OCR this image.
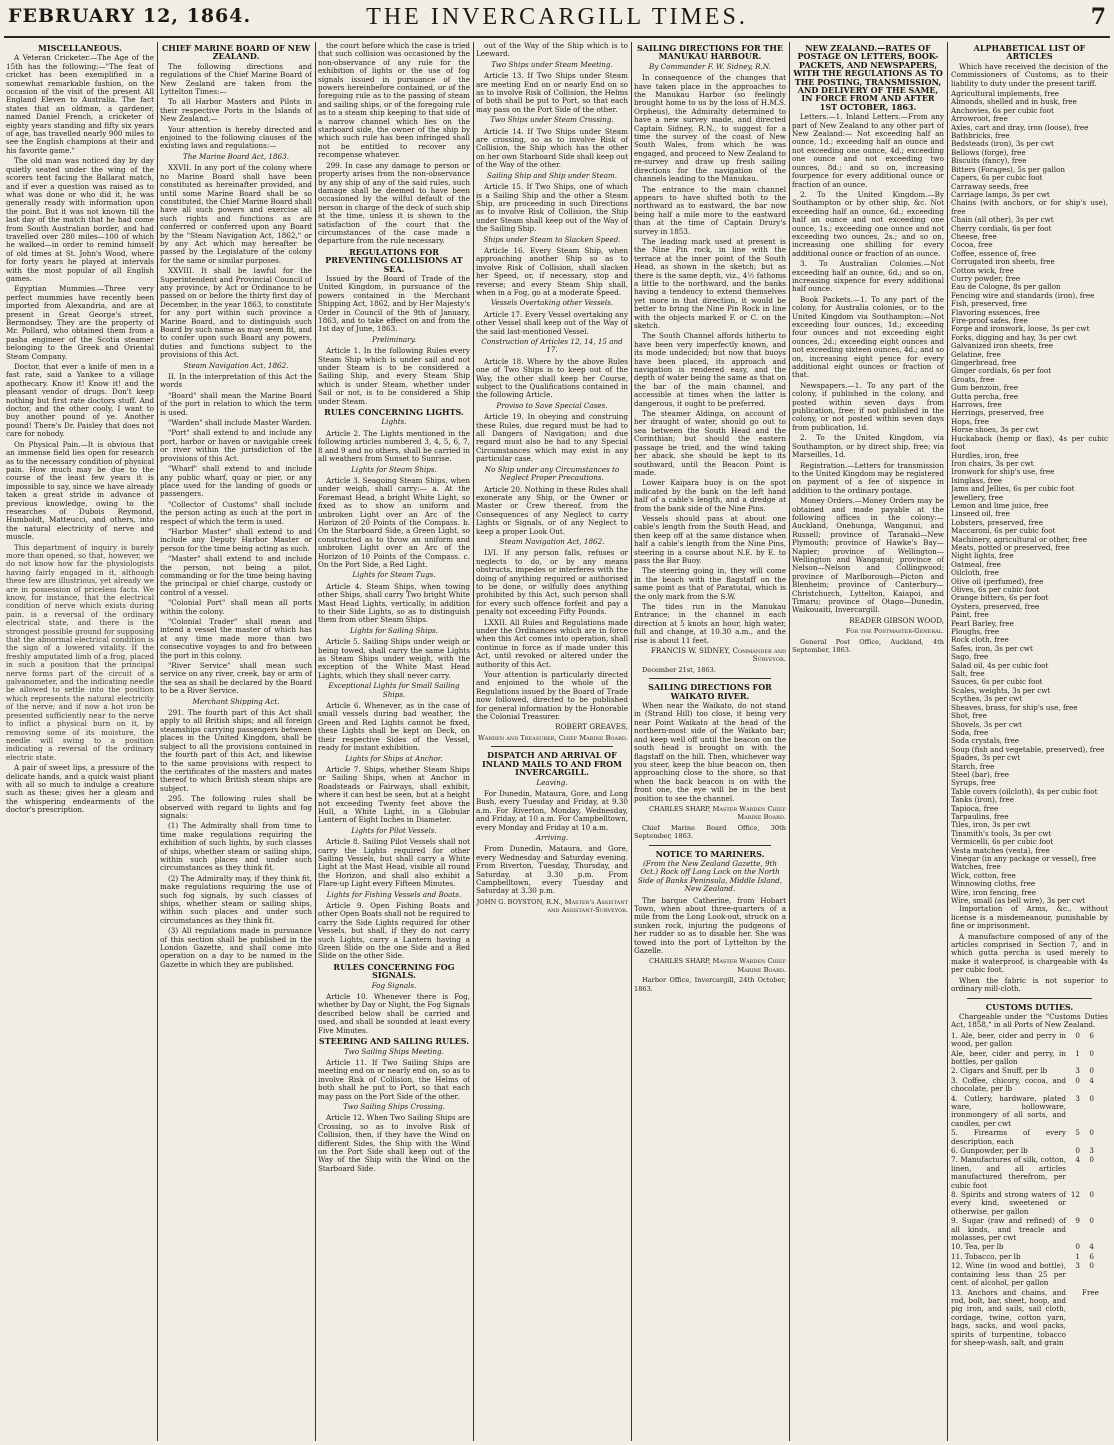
FEBRUARY 12, 1864.	THE INVERCARGILL TIMES.	7
MISCELLANEOUS.
A Veteran Cricketer.—The Age of the 15th has the following:—"The feat of cricket has been exemplified in a somewhat remarkable fashion, on the occasion of the visit of the present All England Eleven to Australia. The fact states that an oldman, a gardener, named Daniel French, a cricketer of eighty years standing and fifty six years of age, has travelled nearly 900 miles to see the English champions at their and his favorite game."
The old man was noticed day by day quietly seated under the wing of the scorers tent facing the Ballarat match, and if ever a question was raised as to what was done or who did it, he was generally ready with information upon the point. But it was not known till the last day of the match that he had come from South Australian border, and had travelled over 280 miles—100 of which he walked—in order to remind himself of old times at St. John's Wood, where for forty years he played at intervals with the most popular of all English games.
Egyptian Mummies.—Three very perfect mummies have recently been imported from Alexandria, and are at present in Great George's street, Bermondsey. They are the property of Mr. Pollard, who obtained them from a pasha engineer of the Scotia steamer belonging to the Greek and Oriental Steam Company.
Doctor, that ever a knife of men in a fast rate, said a Yankee to a village apothecary. Know it! Know it! and the pleasant vendor of drugs. Don't keep nothing but first rate doctors stuff. And doctor, and the other cooly, I want to buy another pound of ye. Another pound! There's Dr. Paisley that does not care for nobody.
On Physical Pain.—It is obvious that an immense field lies open for research as to the necessary condition of physical pain. How much may be due to the course of the least few years it is impossible to say, since we have already taken a great stride in advance of previous knowledge, owing to the researches of Dubois Reymond, Humboldt, Matteucci, and others, into the natural electricity of nerve and muscle.
This department of inquiry is barely more than opened, so that, however, we do not know how far the physiologists having fairly engaged in it, although these few are illustrious, yet already we are in possession of priceless facts. We know, for instance, that the electrical condition of nerve which exists during pain, is a reversal of the ordinary electrical state, and there is the strongest possible ground for supposing that the abnormal electrical condition is the sign of a lowered vitality. If the freshly amputated limb of a frog, placed in such a position that the principal nerve forms part of the circuit of a galvanometer, and the indicating needle be allowed to settle into the position which represents the natural electricity of the nerve; and if now a hot iron be presented sufficiently near to the nerve to inflict a physical burn on it, by removing some of its moisture, the needle will swing to a position indicating a reversal of the ordinary electric state.
A pair of sweet lips, a pressure of the delicate hands, and a quick waist pliant with all so much to indulge a creature such as these; gives her a gleam and the whispering endearments of the doctor's prescription.
CHIEF MARINE BOARD OF NEW ZEALAND.
The following directions and regulations of the Chief Marine Board of New Zealand are taken from the Lyttelton Times:—
To all Harbor Masters and Pilots in their respective Ports in the Islands of New Zealand,—
Your attention is hereby directed and enjoined to the following clauses of the existing laws and regulations:—
The Marine Board Act, 1863.
XXVII. In any port of the colony where no Marine Board shall have been constituted as hereinafter provided, and until some Marine Board shall be so constituted, the Chief Marine Board shall have all such powers and exercise all such rights and functions as are conferred or conferred upon any Board by the "Steam Navigation Act, 1862," or by any Act which may hereafter be passed by the Legislature of the colony for the same or similar purposes.
XXVIII. It shall be lawful for the Superintendent and Provincial Council of any province, by Act or Ordinance to be passed on or before the thirty first day of December, in the year 1863, to constitute for any port within such province a Marine Board, and to distinguish such Board by such name as may seem fit, and to confer upon such Board any powers, duties and functions subject to the provisions of this Act.
Steam Navigation Act, 1862.
II. In the interpretation of this Act the words
"Board" shall mean the Marine Board of the port in relation to which the term is used.
"Warden" shall include Master Warden.
"Port" shall extend to and include any port, harbor or haven or navigable creek or river within the jurisdiction of the provisions of this Act.
"Wharf" shall extend to and include any public wharf, quay or pier, or any place used for the landing of goods or passengers.
"Collector of Customs" shall include the person acting as such at the port in respect of which the term is used.
"Harbor Master" shall extend to and include any Deputy Harbor Master or person for the time being acting as such.
"Master" shall extend to and include the person, not being a pilot, commanding or for the time being having the principal or chief charge, custody or control of a vessel.
"Colonial Port" shall mean all ports within the colony.
"Colonial Trader" shall mean and intend a vessel the master of which has at any time made more than two consecutive voyages to and fro between the port in this colony.
"River Service" shall mean such service on any river, creek, bay or arm of the sea as shall be declared by the Board to be a River Service.
Merchant Shipping Act.
291. The fourth part of this Act shall apply to all British ships; and all foreign steamships carrying passengers between places in the United Kingdom, shall be subject to all the provisions contained in the fourth part of this Act, and likewise to the same provisions with respect to the certificates of the masters and mates thereof to which British steam ships are subject.
295. The following rules shall be observed with regard to lights and fog signals:
(1) The Admiralty shall from time to time make regulations requiring the exhibition of such lights, by such classes of ships, whether steam or sailing ships, within such places and under such circumstances as they think fit.
(2) The Admiralty may, if they think fit, make regulations requiring the use of such fog signals, by such classes of ships, whether steam or sailing ships, within such places and under such circumstances as they think fit.
(3) All regulations made in pursuance of this section shall be published in the London Gazette, and shall come into operation on a day to be named in the Gazette in which they are published.
the court before which the case is tried that such collision was occasioned by the non-observance of any rule for the exhibition of lights or the use of fog signals issued in pursuance of the powers hereinbefore contained, or of the foregoing rule as to the passing of steam and sailing ships, or of the foregoing rule as to a steam ship keeping to that side of a narrow channel which lies on the starboard side, the owner of the ship by which such rule has been infringed shall not be entitled to recover any recompense whatever.
299. In case any damage to person or property arises from the non-observance by any ship of any of the said rules, such damage shall be deemed to have been occasioned by the wilful default of the person in charge of the deck of such ship at the time, unless it is shown to the satisfaction of the court that the circumstances of the case made a departure from the rule necessary.
REGULATIONS FOR PREVENTING COLLISIONS AT SEA.
Issued by the Board of Trade of the United Kingdom, in pursuance of the powers contained in the Merchant Shipping Act, 1862, and by Her Majesty's Order in Council of the 9th of January, 1863, and to take effect on and from the 1st day of June, 1863.
Preliminary.
Article 1. In the following Rules every Steam Ship which is under sail and not under Steam is to be considered a Sailing Ship, and every Steam Ship which is under Steam, whether under Sail or not, is to be considered a Ship under Steam.
RULES CONCERNING LIGHTS.
Lights.
Article 2. The Lights mentioned in the following articles numbered 3, 4, 5, 6, 7, 8 and 9 and no others, shall be carried in all weathers from Sunset to Sunrise.
Lights for Steam Ships.
Article 3. Seagoing Steam Ships, when under weigh, shall carry:— a. At the Foremast Head, a bright White Light, so fixed as to show an uniform and unbroken Light over an Arc of the Horizon of 20 Points of the Compass. b. On the Starboard Side, a Green Light, so constructed as to throw an uniform and unbroken Light over an Arc of the Horizon of 10 Points of the Compass. c. On the Port Side, a Red Light.
Lights for Steam Tugs.
Article 4. Steam Ships, when towing other Ships, shall carry Two bright White Mast Head Lights, vertically, in addition to their Side Lights, so as to distinguish them from other Steam Ships.
Lights for Sailing Ships.
Article 5. Sailing Ships under weigh or being towed, shall carry the same Lights as Steam Ships under weigh, with the exception of the White Mast Head Lights, which they shall never carry.
Exceptional Lights for Small Sailing Ships.
Article 6. Whenever, as in the case of small vessels during bad weather, the Green and Red Lights cannot be fixed, these Lights shall be kept on Deck, on their respective Sides of the Vessel, ready for instant exhibition.
Lights for Ships at Anchor.
Article 7. Ships, whether Steam Ships or Sailing Ships, when at Anchor in Roadsteads or Fairways, shall exhibit, where it can best be seen, but at a height not exceeding Twenty feet above the Hull, a White Light, in a Globular Lantern of Eight Inches in Diameter.
Lights for Pilot Vessels.
Article 8. Sailing Pilot Vessels shall not carry the Lights required for other Sailing Vessels, but shall carry a White Light at the Mast Head, visible all round the Horizon, and shall also exhibit a Flare-up Light every Fifteen Minutes.
Lights for Fishing Vessels and Boats.
Article 9. Open Fishing Boats and other Open Boats shall not be required to carry the Side Lights required for other Vessels, but shall, if they do not carry such Lights, carry a Lantern having a Green Slide on the one Side and a Red Slide on the other Side.
RULES CONCERNING FOG SIGNALS.
Fog Signals.
Article 10. Whenever there is Fog, whether by Day or Night, the Fog Signals described below shall be carried and used, and shall be sounded at least every Five Minutes.
STEERING AND SAILING RULES.
Two Sailing Ships Meeting.
Article 11. If Two Sailing Ships are meeting end on or nearly end on, so as to involve Risk of Collision, the Helms of both shall be put to Port, so that each may pass on the Port Side of the other.
Two Sailing Ships Crossing.
Article 12. When Two Sailing Ships are Crossing, so as to involve Risk of Collision, then, if they have the Wind on different Sides, the Ship with the Wind on the Port Side shall keep out of the Way of the Ship with the Wind on the Starboard Side.
out of the Way of the Ship which is to Leeward.
Two Ships under Steam Meeting.
Article 13. If Two Ships under Steam are meeting End on or nearly End on so as to involve Risk of Collision, the Helms of both shall be put to Port, so that each may pass on the Port Side of the other.
Two Ships under Steam Crossing.
Article 14. If Two Ships under Steam are crossing, so as to involve Risk of Collision, the Ship which has the other on her own Starboard Side shall keep out of the Way of the other.
Sailing Ship and Ship under Steam.
Article 15. If Two Ships, one of which is a Sailing Ship and the other a Steam Ship, are proceeding in such Directions as to involve Risk of Collision, the Ship under Steam shall keep out of the Way of the Sailing Ship.
Ships under Steam to Slacken Speed.
Article 16. Every Steam Ship, when approaching another Ship so as to involve Risk of Collision, shall slacken her Speed, or, if necessary, stop and reverse; and every Steam Ship shall, when in a Fog, go at a moderate Speed.
Vessels Overtaking other Vessels.
Article 17. Every Vessel overtaking any other Vessel shall keep out of the Way of the said last-mentioned Vessel.
Construction of Articles 12, 14, 15 and 17.
Article 18. Where by the above Rules one of Two Ships is to keep out of the Way, the other shall keep her Course, subject to the Qualifications contained in the following Article.
Proviso to Save Special Cases.
Article 19. In obeying and construing these Rules, due regard must be had to all Dangers of Navigation; and due regard must also be had to any Special Circumstances which may exist in any particular case.
No Ship under any Circumstances to Neglect Proper Precautions.
Article 20. Nothing in these Rules shall exonerate any Ship, or the Owner or Master or Crew thereof, from the Consequences of any Neglect to carry Lights or Signals, or of any Neglect to keep a proper Look Out.
Steam Navigation Act, 1862.
LVI. If any person falls, refuses or neglects to do, or by any means obstructs, impedes or interferes with the doing of anything required or authorised to be done, or wilfully does anything prohibited by this Act, such person shall for every such offence forfeit and pay a penalty not exceeding Fifty Pounds.
LXXII. All Rules and Regulations made under the Ordinances which are in force when this Act comes into operation, shall continue in force as if made under this Act, until revoked or altered under the authority of this Act.
Your attention is particularly directed and enjoined to the whole of the Regulations issued by the Board of Trade now followed, directed to be published for general information by the Honorable the Colonial Treasurer.
ROBERT GREAVES,
Warden and Treasurer, Chief Marine Board.
DISPATCH AND ARRIVAL OF INLAND MAILS TO AND FROM INVERCARGILL.
Leaving.
For Dunedin, Mataura, Gore, and Long Bush, every Tuesday and Friday, at 9.30 a.m. For Riverton, Monday, Wednesday, and Friday, at 10 a.m. For Campbelltown, every Monday and Friday at 10 a.m.
Arriving.
From Dunedin, Mataura, and Gore, every Wednesday and Saturday evening. From Riverton, Tuesday, Thursday, and Saturday, at 3.30 p.m. From Campbelltown, every Tuesday and Saturday at 3.30 p.m.
JOHN G. BOYSTON, R.N., Master's Assistant and Assistant-Surveyor.
SAILING DIRECTIONS FOR THE MANUKAU HARBOUR.
By Commander F. W. Sidney, R.N.
In consequence of the changes that have taken place in the approaches to the Manukau Harbor (so feelingly brought home to us by the loss of H.M.S. Orpheus), the Admiralty determined to have a new survey made, and directed Captain Sidney, R.N., to suggest for a time the survey of the coast of New South Wales, from which he was engaged, and proceed to New Zealand to re-survey and draw up fresh sailing directions for the navigation of the channels leading to the Manukau.
The entrance to the main channel appears to have shifted both to the northward as to eastward, the bar now being half a mile more to the eastward than at the time of Captain Drury's survey in 1853.
The leading mark used at present is the Nine Pin rock, in line with the terrace at the inner point of the South Head, as shown in the sketch; but as there is the same depth, viz., 4½ fathoms a little to the northward, and the banks having a tendency to extend themselves yet more in that direction, it would be better to bring the Nine Pin Rock in line with the objects marked F. or C. on the sketch.
The South Channel affords hitherto to have been very imperfectly known, and its mode undecided; but now that buoys have been placed, its approach and navigation is rendered easy, and the depth of water being the same as that on the bar of the main channel, and accessible at times when the latter is dangerous, it ought to be preferred.
The steamer Aldinga, on account of her draught of water, should go out to sea between the South Head and the Corinthian; but should the eastern passage be tried, and the wind taking her aback, she should be kept to its southward, until the Beacon Point is made.
Lower Kaipara buoy is on the spot indicated by the bank on the left hand half of a cable's length, and a dredge at from the bank side of the Nine Pins.
Vessels should pass at about one cable's length from the South Head, and then keep off at the same distance when half a cable's length from the Nine Pins, steering in a course about N.E. by E. to pass the Bar Buoy.
The steering going in, they will come in the beach with the flagstaff on the same point as that of Paratutai, which is the only mark from the S.W.
The tides run in the Manukau Entrance; in the channel in each direction at 5 knots an hour, high water, full and change, at 10.30 a.m., and the rise is about 11 feet.
FRANCIS W. SIDNEY, Commander and Surveyor.
December 21st, 1863.
SAILING DIRECTIONS FOR WAIKATO RIVER.
When near the Waikato, do not stand in (Strand Hill) too close, it being very near Point Waikato at the head of the northern-most side of the Waikato bar; and keep well off until the beacon on the south head is brought on with the flagstaff on the hill. Then, whichever way you steer, keep the blue beacon on, then approaching close to the shore, so that when the back beacon is on with the front one, the eye will be in the best position to see the channel.
CHARLES SHARP, Master Warden Chief Marine Board.
Chief Marine Board Office, 30th September, 1863.
NOTICE TO MARINERS.
(From the New Zealand Gazette, 9th Oct.) Rock off Long Lock on the North Side of Banks Peninsula, Middle Island, New Zealand.
The barque Catherine, from Hobart Town, when about three-quarters of a mile from the Long Look-out, struck on a sunken rock, injuring the pudgeons of her rudder so as to disable her. She was towed into the port of Lyttelton by the Gazelle.
CHARLES SHARP, Master Warden Chief Marine Board.
Harbor Office, Invercargill, 24th October, 1863.
NEW ZEALAND.—RATES OF POSTAGE ON LETTERS, BOOK-PACKETS, AND NEWSPAPERS, WITH THE REGULATIONS AS TO THE POSTING, TRANSMISSION, AND DELIVERY OF THE SAME, IN FORCE FROM AND AFTER 1ST OCTOBER, 1863.
Letters.—1. Inland Letters.—From any part of New Zealand to any other part of New Zealand:— Not exceeding half an ounce, 1d.; exceeding half an ounce and not exceeding one ounce, 4d.; exceeding one ounce and not exceeding two ounces, 8d.; and so on, increasing fourpence for every additional ounce or fraction of an ounce.
2. To the United Kingdom.—By Southampton or by other ship, &c. Not exceeding half an ounce, 6d.; exceeding half an ounce and not exceeding one ounce, 1s.; exceeding one ounce and not exceeding two ounces, 2s.; and so on, increasing one shilling for every additional ounce or fraction of an ounce.
3. To Australian Colonies.—Not exceeding half an ounce, 6d.; and so on, increasing sixpence for every additional half ounce.
Book Packets.—1. To any part of the colony, for Australia colonies, or to the United Kingdom via Southampton:—Not exceeding four ounces, 1d.; exceeding four ounces and not exceeding eight ounces, 2d.; exceeding eight ounces and not exceeding sixteen ounces, 4d.; and so on, increasing eight pence for every additional eight ounces or fraction of that.
Newspapers.—1. To any part of the colony, if published in the colony, and posted within seven days from publication, free; if not published in the colony, or not posted within seven days from publication, 1d.
2. To the United Kingdom, via Southampton, or by direct ship, free; via Marseilles, 1d.
Registration.—Letters for transmission to the United Kingdom may be registered on payment of a fee of sixpence in addition to the ordinary postage.
Money Orders.—Money Orders may be obtained and made payable at the following offices in the colony:—Auckland, Onehunga, Wanganui, and Russell; province of Taranaki—New Plymouth; province of Hawke's Bay—Napier; province of Wellington—Wellington and Wanganui; province of Nelson—Nelson and Collingwood; province of Marlborough—Picton and Blenheim; province of Canterbury—Christchurch, Lyttelton, Kaiapoi, and Timaru; province of Otago—Dunedin, Waikouaiti, Invercargill.
READER GIBSON WOOD,
For the Postmaster-General.
General Post Office, Auckland, 4th September, 1863.
ALPHABETICAL LIST OF ARTICLES
Which have received the decision of the Commissioners of Customs, as to their liability to duty under the present tariff.
Agricultural implements, free
Almonds, shelled and in husk, free
Anchovies, 6s per cubic foot
Arrowroot, free
Axles, cart and dray, iron (loose), free
Bathbricks, free
Bedsteads (iron), 3s per cwt
Bellows (forge), free
Biscuits (fancy), free
Bitters (Forages), 5s per gallon
Capers, 6s per cubic foot
Carraway seeds, free
Carriage lamps, 3s per cwt
Chains (with anchors, or for ship's use), free
Chain (all other), 3s per cwt
Cherry cordials, 6s per foot
Cheese, free
Cocoa, free
Coffee, essence of, free
Corrugated iron sheets, free
Cotton wick, free
Curry powder, free
Eau de Cologne, 8s per gallon
Fencing wire and standards (iron), free
Fish, preserved, free
Flavoring essences, free
Fire-proof safes, free
Forge and ironwork, loose, 3s per cwt
Forks, digging and hay, 3s per cwt
Galvanized iron sheets, free
Gelatine, free
Gingerbread, free
Ginger cordials, 6s per foot
Groats, free
Gum benzoin, free
Gutta percha, free
Harrows, free
Herrings, preserved, free
Hops, free
Horse shoes, 3s per cwt
Huckaback (hemp or flax), 4s per cubic foot
Hurdles, iron, free
Iron chairs, 3s per cwt
Ironwork for ship's use, free
Isinglass, free
Jams and Jellies, 6s per cubic foot
Jewellery, free
Lemon and lime juice, free
Linseed oil, free
Lobsters, preserved, free
Maccaroni, 6s per cubic foot
Machinery, agricultural or other, free
Meats, potted or preserved, free
Night lights, free
Oatmeal, free
Oilcloth, free
Olive oil (perfumed), free
Olives, 6s per cubic foot
Orange bitters, 6s per foot
Oysters, preserved, free
Paint, free
Pearl Barley, free
Ploughs, free
Rock cloth, free
Safes, iron, 3s per cwt
Sago, free
Salad oil, 4s per cubic foot
Salt, free
Sauces, 6s per cubic foot
Scales, weights, 3s per cwt
Scythes, 3s per cwt
Sheaves, brass, for ship's use, free
Shot, free
Shovels, 3s per cwt
Soda, free
Soda crystals, free
Soup (fish and vegetable, preserved), free
Spades, 3s per cwt
Starch, free
Steel (bar), free
Syrups, free
Table covers (oilcloth), 4s per cubic foot
Tanks (iron), free
Tapioca, free
Tarpaulins, free
Tiles, iron, 3s per cwt
Tinsmith's tools, 3s per cwt
Vermicelli, 6s per cubic foot
Vesta matches (vesta), free
Vinegar (in any package or vessel), free
Watches, free
Wick, cotton, free
Winnowing cloths, free
Wire, iron fencing, free
Wire, small (as bell wire), 3s per cwt
Importation of Arms, &c., without license is a misdemeanour, punishable by fine or imprisonment.
A manufacture composed of any of the articles comprised in Section 7, and in which gutta percha is used merely to make it waterproof, is chargeable with 4s per cubic foot.
When the fabric is not superior to ordinary mill-cloth.
CUSTOMS DUTIES.
Chargeable under the "Customs Duties Act, 1858," in all Ports of New Zealand.
1. Ale, beer, cider and perry in wood, per gallon
0	6
Ale, beer, cider and perry, in bottles, per gallon
1	0
2. Cigars and Snuff, per lb	3	0
3. Coffee, chicory, cocoa, and chocolate, per lb
0	4
4. Cutlery, hardware, plated ware, hollowware, ironmongery of all sorts, and candles, per cwt
3	0
5. Firearms of every description, each
5	0
6. Gunpowder, per lb	0	3
7. Manufactures of silk, cotton, linen, and all articles manufactured therefrom, per cubic foot
4	0
8. Spirits and strong waters of every kind, sweetened or otherwise, per gallon
12	0
9. Sugar (raw and refined) of all kinds, and treacle and molasses, per cwt
9	0
10. Tea, per lb	0	4
11. Tobacco, per lb	1	6
12. Wine (in wood and bottle), containing less than 25 per cent. of alcohol, per gallon
3	0
13. Anchors and chains, and rod, bolt, bar, sheet, hoop, and pig iron, and sails, sail cloth, cordage, twine, cotton yarn, bags, sacks, and wool packs, spirits of turpentine, tobacco for sheep-wash, salt, and grain
Free
